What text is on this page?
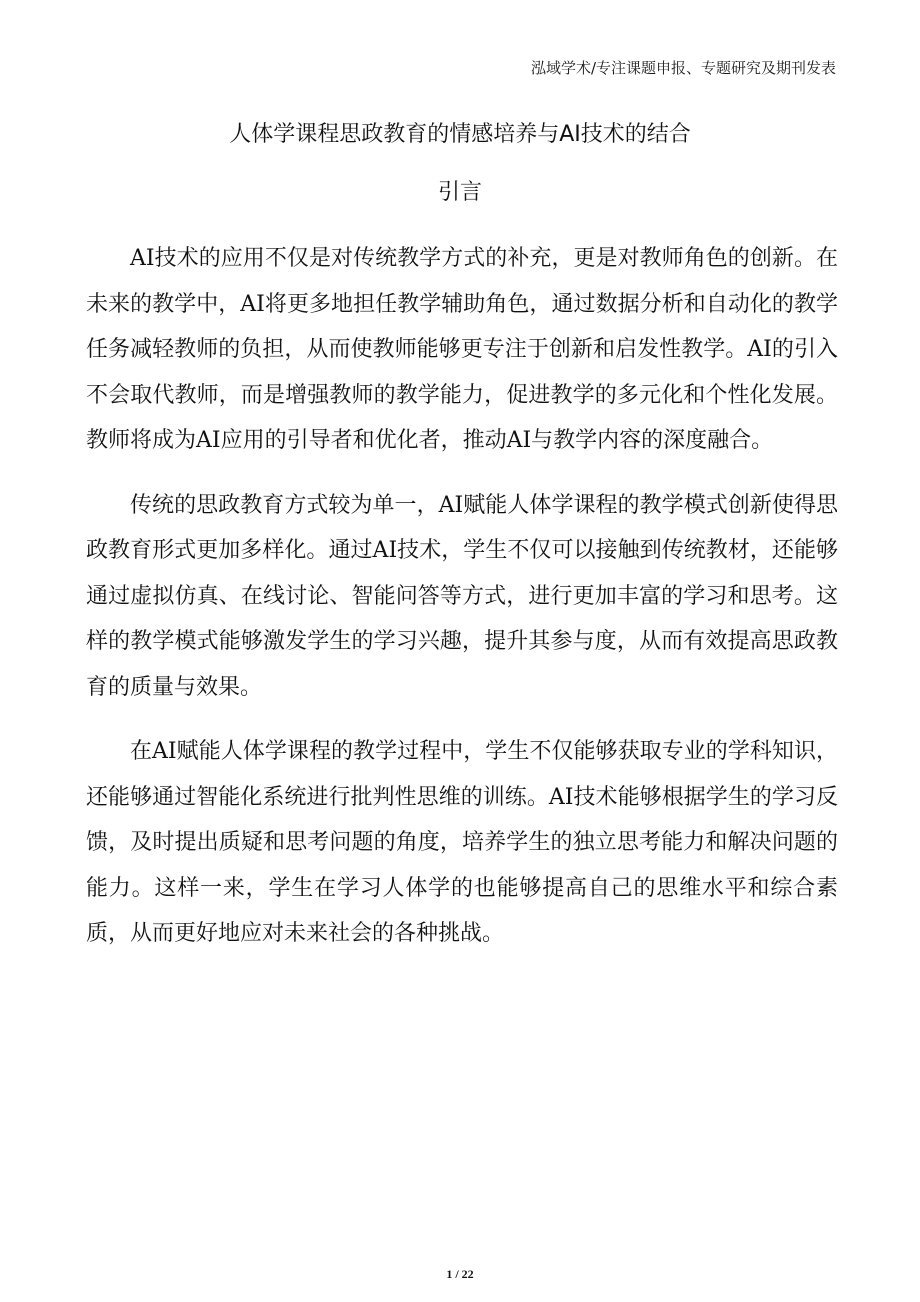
泓域学术/专注课题申报、专题研究及期刊发表
人体学课程思政教育的情感培养与AI技术的结合
引言

AI技术的应用不仅是对传统教学方式的补充，更是对教师角色的创新。在未来的教学中，AI将更多地担任教学辅助角色，通过数据分析和自动化的教学任务减轻教师的负担，从而使教师能够更专注于创新和启发性教学。AI的引入不会取代教师，而是增强教师的教学能力，促进教学的多元化和个性化发展。教师将成为AI应用的引导者和优化者，推动AI与教学内容的深度融合。

传统的思政教育方式较为单一，AI赋能人体学课程的教学模式创新使得思政教育形式更加多样化。通过AI技术，学生不仅可以接触到传统教材，还能够通过虚拟仿真、在线讨论、智能问答等方式，进行更加丰富的学习和思考。这样的教学模式能够激发学生的学习兴趣，提升其参与度，从而有效提高思政教育的质量与效果。

在AI赋能人体学课程的教学过程中，学生不仅能够获取专业的学科知识，还能够通过智能化系统进行批判性思维的训练。AI技术能够根据学生的学习反馈，及时提出质疑和思考问题的角度，培养学生的独立思考能力和解决问题的能力。这样一来，学生在学习人体学的也能够提高自己的思维水平和综合素质，从而更好地应对未来社会的各种挑战。

1 / 22
